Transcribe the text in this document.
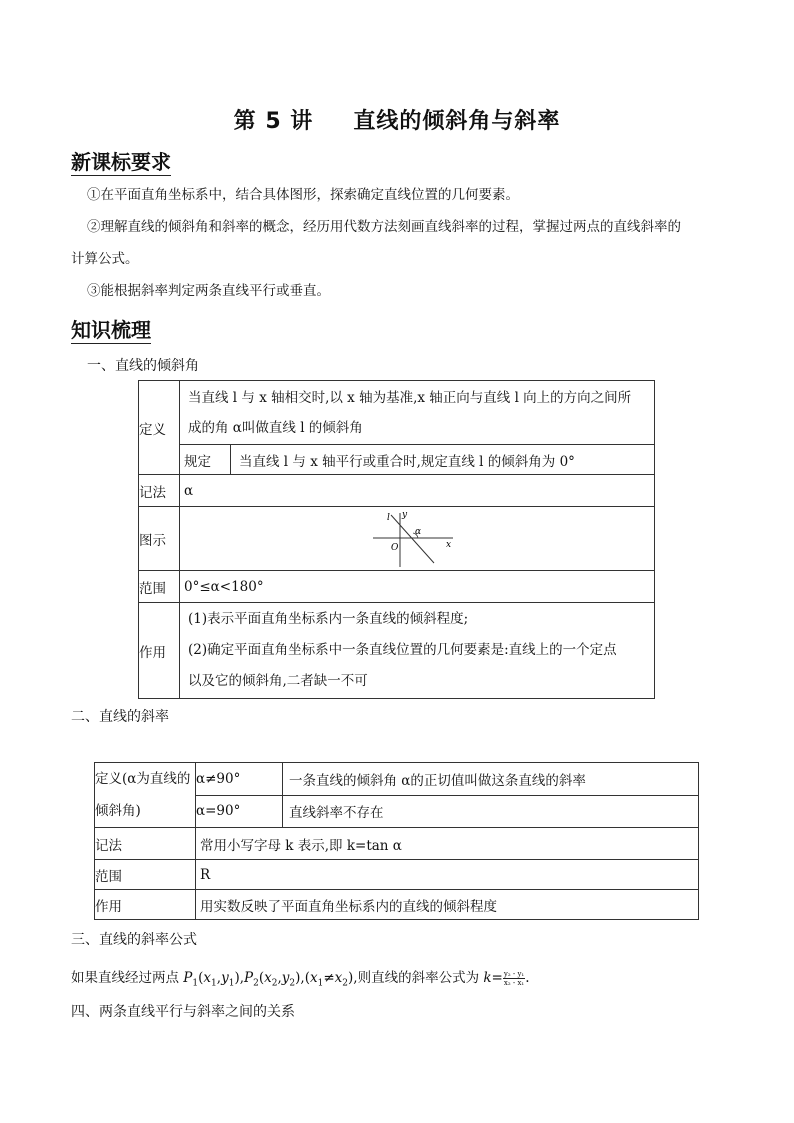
第 5 讲 直线的倾斜角与斜率
新课标要求

①在平面直角坐标系中，结合具体图形，探索确定直线位置的几何要素。

②理解直线的倾斜角和斜率的概念，经历用代数方法刻画直线斜率的过程，掌握过两点的直线斜率的

计算公式。

③能根据斜率判定两条直线平行或垂直。

知识梳理
一、直线的倾斜角
定义	当直线 l 与 x 轴相交时,以 x 轴为基准,x 轴正向与直线 l 向上的方向之间所
成的角 α叫做直线 l 的倾斜角	

	规定	当直线 l 与 x 轴平行或重合时,规定直线 l 的倾斜角为 0°
记法	α	
图示	l y
α
O x	

范围	0°≤α<180°	
作用	(1)表示平面直角坐标系内一条直线的倾斜程度;
(2)确定平面直角坐标系中一条直线位置的几何要素是:直线上的一个定点
以及它的倾斜角,二者缺一不可	
二、直线的斜率
定义(α为直线的
倾斜角)	α≠90°	一条直线的倾斜角 α的正切值叫做这条直线的斜率
	α=90°	直线斜率不存在
记法	常用小写字母 k 表示,即 k=tan α	
范围	R	
作用	用实数反映了平面直角坐标系内的直线的倾斜程度	
三、直线的斜率公式
如果直线经过两点 $P_1(x_1,y_1),P_2(x_2,y_2),(x_1\ne x_2)$,则直线的斜率公式为 $k= \frac{\text{y₂ - y₁}}{\text{x₂ - x₁}}$ .
四、两条直线平行与斜率之间的关系
